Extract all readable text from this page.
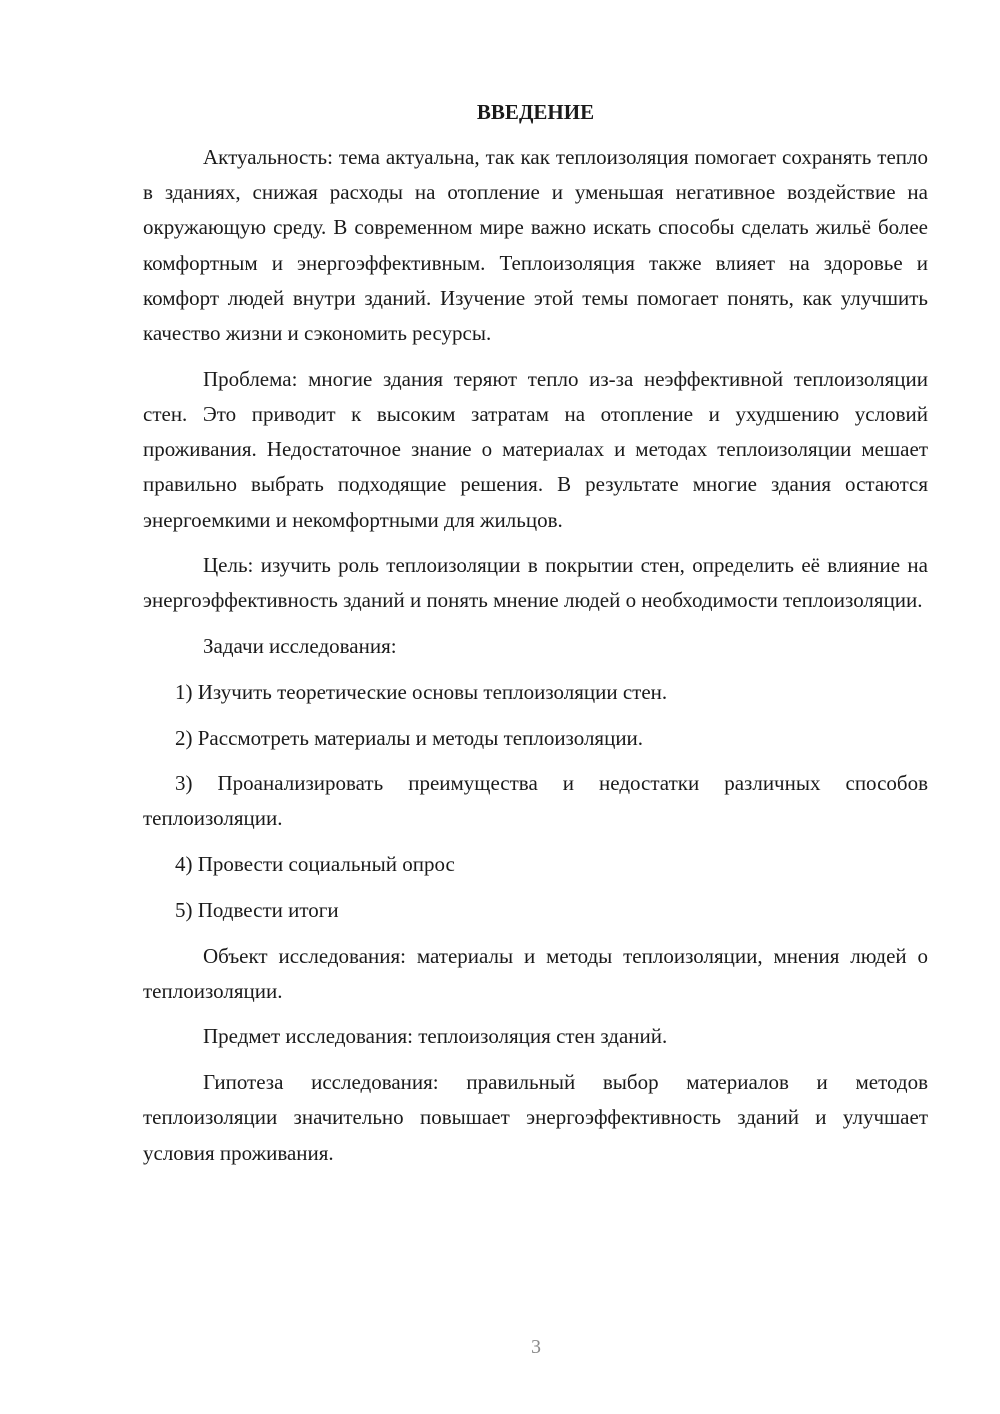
ВВЕДЕНИЕ

Актуальность: тема актуальна, так как теплоизоляция помогает сохранять тепло в зданиях, снижая расходы на отопление и уменьшая негативное воздействие на окружающую среду. В современном мире важно искать способы сделать жильё более комфортным и энергоэффективным. Теплоизоляция также влияет на здоровье и комфорт людей внутри зданий. Изучение этой темы помогает понять, как улучшить качество жизни и сэкономить ресурсы.

Проблема: многие здания теряют тепло из-за неэффективной теплоизоляции стен. Это приводит к высоким затратам на отопление и ухудшению условий проживания. Недостаточное знание о материалах и методах теплоизоляции мешает правильно выбрать подходящие решения. В результате многие здания остаются энергоемкими и некомфортными для жильцов.

Цель: изучить роль теплоизоляции в покрытии стен, определить её влияние на энергоэффективность зданий и понять мнение людей о необходимости теплоизоляции.

Задачи исследования:

1) Изучить теоретические основы теплоизоляции стен.

2) Рассмотреть материалы и методы теплоизоляции.

3) Проанализировать преимущества и недостатки различных способов теплоизоляции.

4) Провести социальный опрос

5) Подвести итоги

Объект исследования: материалы и методы теплоизоляции, мнения людей о теплоизоляции.

Предмет исследования: теплоизоляция стен зданий.

Гипотеза исследования: правильный выбор материалов и методов теплоизоляции значительно повышает энергоэффективность зданий и улучшает условия проживания.

3
